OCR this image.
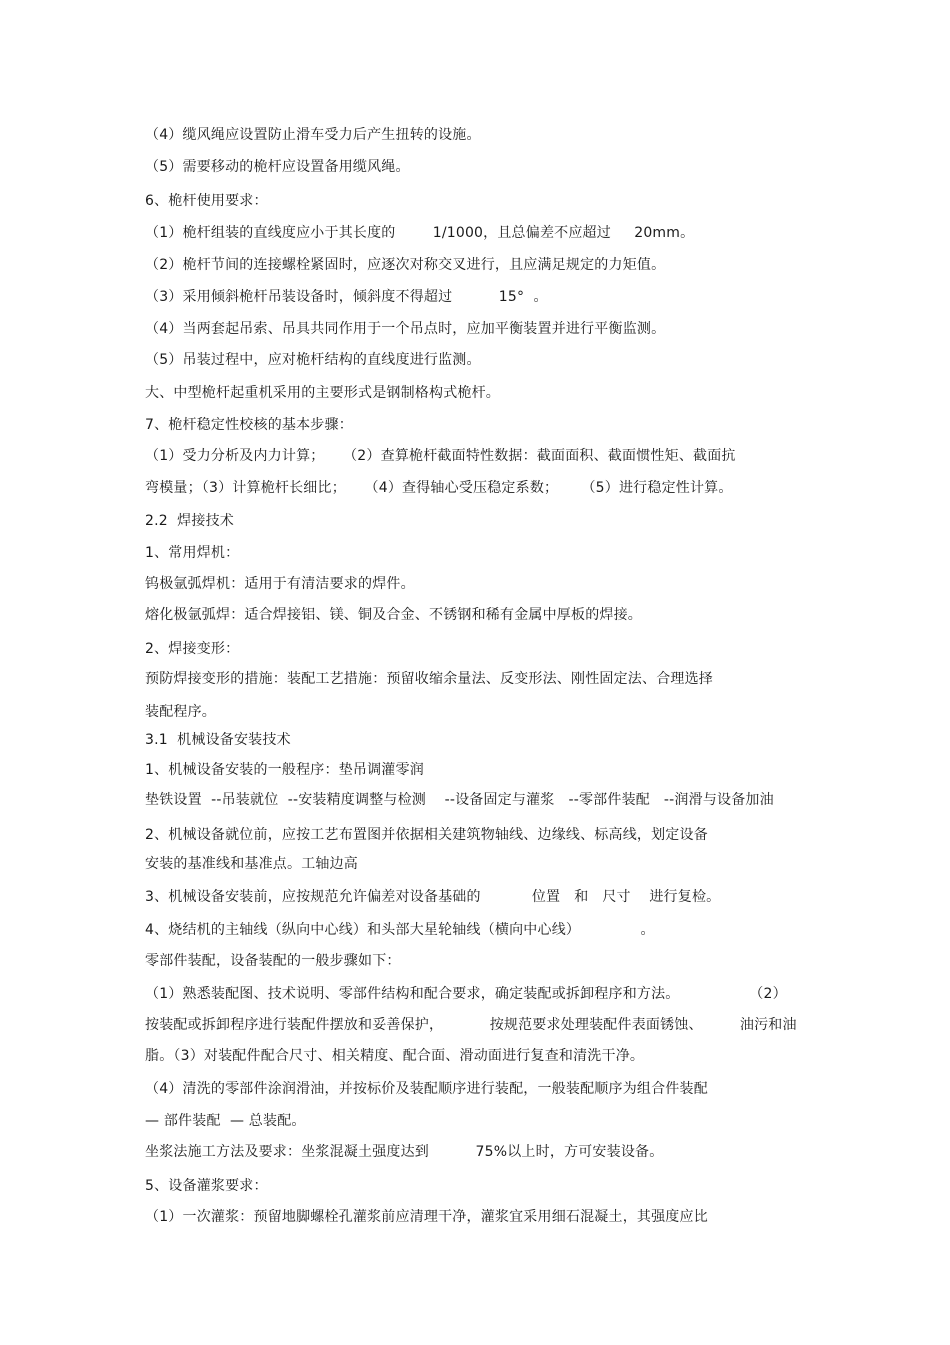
（4）缆风绳应设置防止滑车受力后产生扭转的设施。
（5）需要移动的桅杆应设置备用缆风绳。
6、桅杆使用要求：
（1）桅杆组装的直线度应小于其长度的        1/1000，且总偏差不应超过     20mm。
（2）桅杆节间的连接螺栓紧固时，应逐次对称交叉进行，且应满足规定的力矩值。
（3）采用倾斜桅杆吊装设备时，倾斜度不得超过          15°  。
（4）当两套起吊索、吊具共同作用于一个吊点时，应加平衡装置并进行平衡监测。
（5）吊装过程中，应对桅杆结构的直线度进行监测。
大、中型桅杆起重机采用的主要形式是钢制格构式桅杆。
7、桅杆稳定性校核的基本步骤：
（1）受力分析及内力计算；    （2）查算桅杆截面特性数据：截面面积、截面惯性矩、截面抗
弯模量；（3）计算桅杆长细比；    （4）查得轴心受压稳定系数；     （5）进行稳定性计算。
2.2  焊接技术
1、常用焊机：
钨极氩弧焊机：适用于有清洁要求的焊件。
熔化极氩弧焊：适合焊接铝、镁、铜及合金、不锈钢和稀有金属中厚板的焊接。
2、焊接变形：
预防焊接变形的措施：装配工艺措施：预留收缩余量法、反变形法、刚性固定法、合理选择
装配程序。
3.1  机械设备安装技术
1、机械设备安装的一般程序：垫吊调灌零润
垫铁设置  --吊装就位  --安装精度调整与检测    --设备固定与灌浆   --零部件装配   --润滑与设备加油
2、机械设备就位前，应按工艺布置图并依据相关建筑物轴线、边缘线、标高线，划定设备
安装的基准线和基准点。工轴边高
3、机械设备安装前，应按规范允许偏差对设备基础的           位置   和   尺寸    进行复检。
4、烧结机的主轴线（纵向中心线）和头部大星轮轴线（横向中心线）             。
零部件装配，设备装配的一般步骤如下：
（1）熟悉装配图、技术说明、零部件结构和配合要求，确定装配或拆卸程序和方法。               （2）
按装配或拆卸程序进行装配件摆放和妥善保护，          按规范要求处理装配件表面锈蚀、        油污和油
脂。（3）对装配件配合尺寸、相关精度、配合面、滑动面进行复查和清洗干净。
（4）清洗的零部件涂润滑油，并按标价及装配顺序进行装配，一般装配顺序为组合件装配
— 部件装配  — 总装配。
坐浆法施工方法及要求：坐浆混凝土强度达到          75%以上时，方可安装设备。
5、设备灌浆要求：
（1）一次灌浆：预留地脚螺栓孔灌浆前应清理干净，灌浆宜采用细石混凝土，其强度应比
